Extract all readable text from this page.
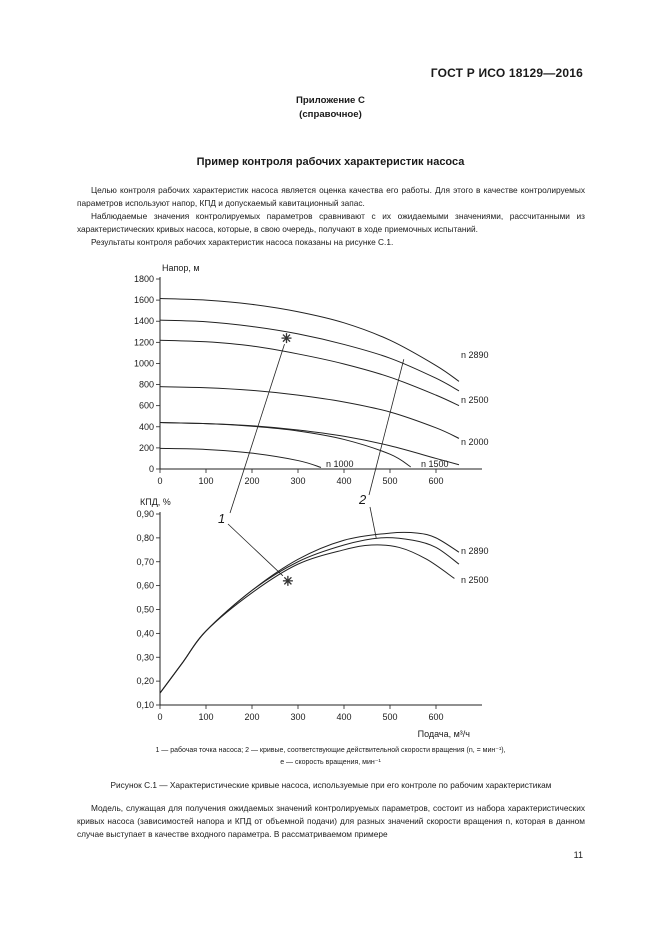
ГОСТ Р ИСО 18129—2016
Приложение С
(справочное)
Пример контроля рабочих характеристик насоса

Целью контроля рабочих характеристик насоса является оценка качества его работы. Для этого в качестве контролируемых параметров используют напор, КПД и допускаемый кавитационный запас.

Наблюдаемые значения контролируемых параметров сравнивают с их ожидаемыми значениями, рассчитанными из характеристических кривых насоса, которые, в свою очередь, получают в ходе приемочных испытаний.

Результаты контроля рабочих характеристик насоса показаны на рисунке С.1.

0	100	200	300	400	500	600
0
200
400
600
800
1000
1200
1400
1600
1800
Напор, м
n 2890
n 2500
n 2000
n 1500
n 1000
*
0	100	200	300	400	500	600
0,10
0,20
0,30
0,40
0,50
0,60
0,70
0,80
0,90
КПД, %
Подача, м³/ч
n 2890
n 2500
*
1
2
1 — рабочая точка насоса; 2 — кривые, соответствующие действительной скорости вращения (n, = мин⁻¹),
е — скорость вращения, мин⁻¹
Рисунок С.1 — Характеристические кривые насоса, используемые при его контроле по рабочим характеристикам

Модель, служащая для получения ожидаемых значений контролируемых параметров, состоит из набора характеристических кривых насоса (зависимостей напора и КПД от объемной подачи) для разных значений скорости вращения n, которая в данном случае выступает в качестве входного параметра. В рассматриваемом примере

11
